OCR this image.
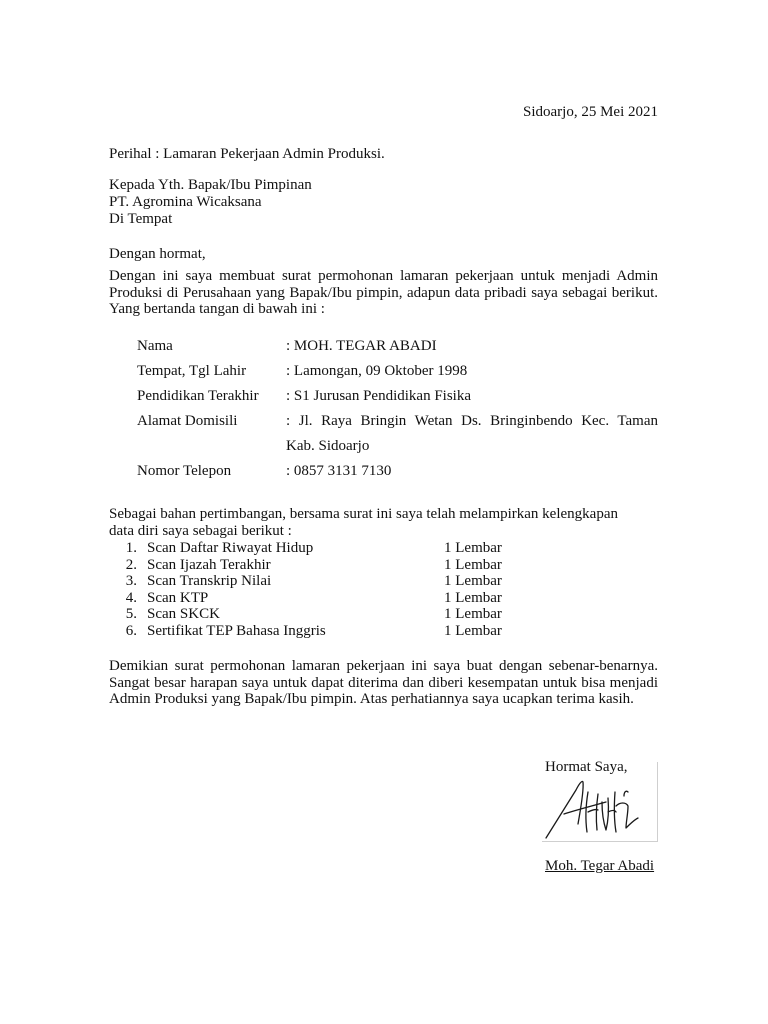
Sidoarjo, 25 Mei 2021
Perihal : Lamaran Pekerjaan Admin Produksi.
Kepada Yth. Bapak/Ibu Pimpinan
PT. Agromina Wicaksana
Di Tempat
Dengan hormat,
Dengan ini saya membuat surat permohonan lamaran pekerjaan untuk menjadi Admin
Produksi di Perusahaan yang Bapak/Ibu pimpin, adapun data pribadi saya sebagai berikut.
Yang bertanda tangan di bawah ini :
Nama	: MOH. TEGAR ABADI
Tempat, Tgl Lahir	: Lamongan, 09 Oktober 1998
Pendidikan Terakhir	: S1 Jurusan Pendidikan Fisika
Alamat Domisili	: Jl. Raya Bringin Wetan Ds. Bringinbendo Kec. Taman
Kab. Sidoarjo
Nomor Telepon	: 0857 3131 7130
Sebagai bahan pertimbangan, bersama surat ini saya telah melampirkan kelengkapan
data diri saya sebagai berikut :
1. Scan Daftar Riwayat Hidup	1 Lembar
2. Scan Ijazah Terakhir	1 Lembar
3. Scan Transkrip Nilai	1 Lembar
4. Scan KTP	1 Lembar
5. Scan SKCK	1 Lembar
6. Sertifikat TEP Bahasa Inggris	1 Lembar
Demikian surat permohonan lamaran pekerjaan ini saya buat dengan sebenar-benarnya.
Sangat besar harapan saya untuk dapat diterima dan diberi kesempatan untuk bisa menjadi
Admin Produksi yang Bapak/Ibu pimpin. Atas perhatiannya saya ucapkan terima kasih.
Hormat Saya,
Moh. Tegar Abadi
